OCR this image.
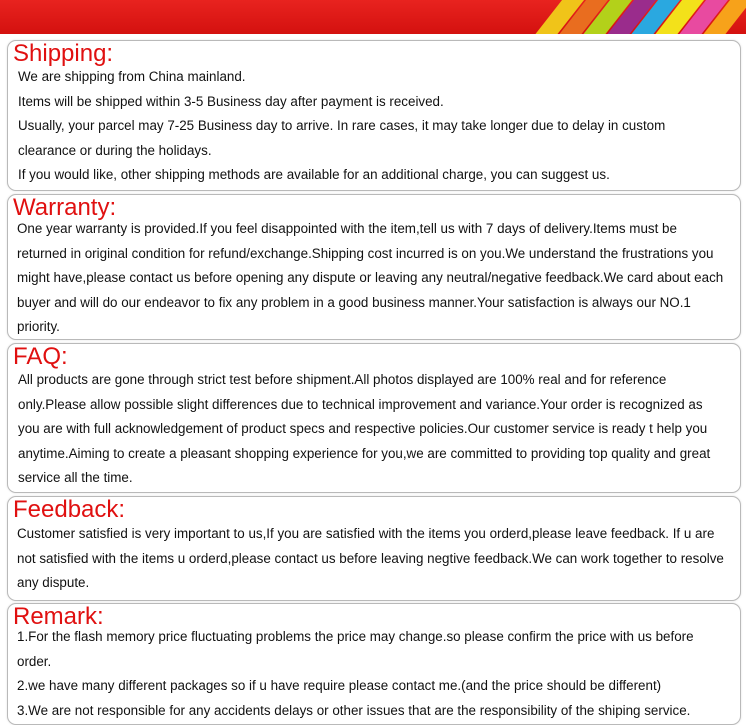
Shipping:

We are shipping from China mainland.

Items will be shipped within 3-5 Business day after payment is received.

Usually, your parcel may 7-25 Business day to arrive. In rare cases, it may take longer due to delay in custom clearance or during the holidays.

If you would like, other shipping methods are available for an additional charge, you can suggest us.

Warranty:

One year warranty is provided.If you feel disappointed with the item,tell us with 7 days of delivery.Items must be returned in original condition for refund/exchange.Shipping cost incurred is on you.We understand the frustrations you might have,please contact us before opening any dispute or leaving any neutral/negative feedback.We card about each buyer and will do our endeavor to fix any problem in a good business manner.Your satisfaction is always our NO.1 priority.

FAQ:

All products are gone through strict test before shipment.All photos displayed are 100% real and for reference only.Please allow possible slight differences due to technical improvement and variance.Your order is recognized as you are with full acknowledgement of product specs and respective policies.Our customer service is ready t help you anytime.Aiming to create a pleasant shopping experience for you,we are committed to providing top quality and great service all the time.

Feedback:

Customer satisfied is very important to us,If you are satisfied with the items you orderd,please leave feedback. If u are not satisfied with the items u orderd,please contact us before leaving negtive feedback.We can work together to resolve any dispute.

Remark:

1.For the flash memory price fluctuating problems the price may change.so please confirm the price with us before order.

2.we have many different packages so if u have require please contact me.(and the price should be different)

3.We are not responsible for any accidents delays or other issues that are the responsibility of the shiping service.
